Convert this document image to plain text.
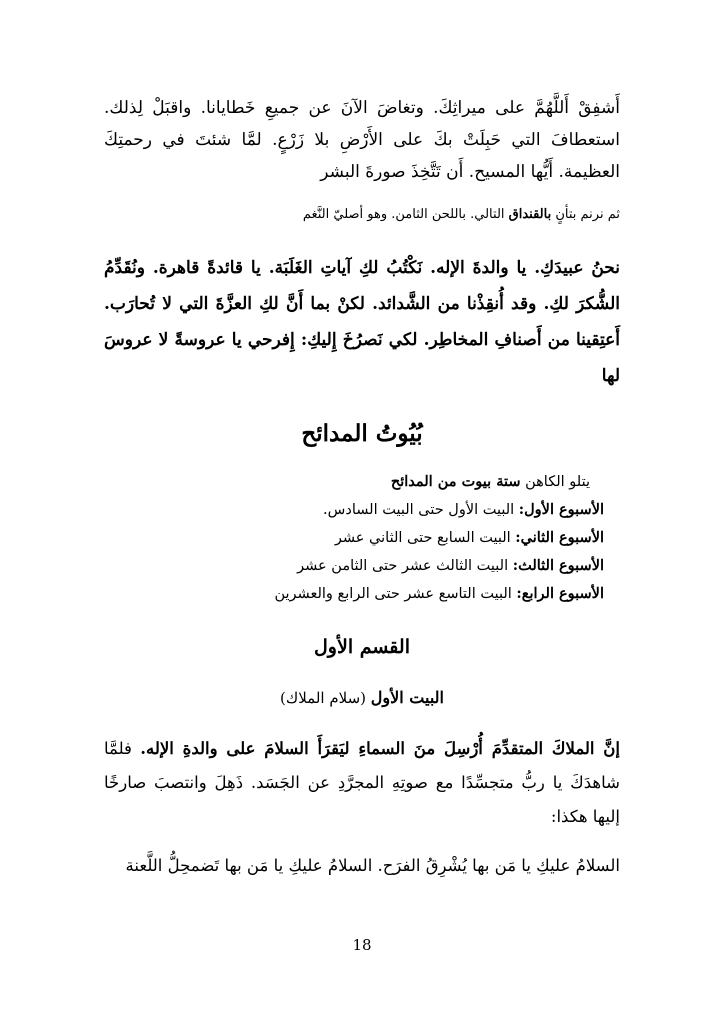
أَشفِقْ أَللَّهُمَّ على ميراثِكَ. وتغاضَ الآنَ عن جميعِ خَطايانا. واقبَلْ لِذلك. استعطافَ التي حَبِلَتْ بكَ على الأَرْضِ بلا زَرْعٍ. لمَّا شئتَ في رحمتِكَ العظيمة. أَيُّها المسيح. أَن تَتَّخِذَ صورةَ البشر

ثم نرنم بتأنٍ بالقنداق التالي. باللحن الثامن. وهو أصليّ النَّغم

نحنُ عبيدَكِ. يا والدةَ الإله. نَكْتُبُ لكِ آياتِ الغَلَبَة. يا قائدةً قاهرة. ونُقَدِّمُ الشُّكرَ لكِ. وقد أُنقِذْنا من الشَّدائد. لكنْ بما أَنَّ لكِ العزَّةَ التي لا تُحارَب. أَعتِقينا من أَصنافِ المخاطِر. لكي نَصرُخَ إِليكِ: إِفرحي يا عروسةً لا عروسَ لها

بُيُوتُ المدائح
يتلو الكاهن ستة بيوت من المدائح
الأسبوع الأول: البيت الأول حتى البيت السادس.
الأسبوع الثاني: البيت السابع حتى الثاني عشر
الأسبوع الثالث: البيت الثالث عشر حتى الثامن عشر
الأسبوع الرابع: البيت التاسع عشر حتى الرابع والعشرين
القسم الأول
البيت الأول (سلام الملاك)

إنَّ الملاكَ المتقدِّمَ أُرْسِلَ منَ السماءِ ليَقرَأَ السلامَ على والدةِ الإله. فلمَّا شاهدَكَ يا ربُّ متجسِّدًا مع صوتِهِ المجرَّدِ عن الجَسَد. ذَهِلَ وانتصبَ صارخًا إليها هكذا:

السلامُ عليكِ يا مَن بها يُشْرِقُ الفرَح. السلامُ عليكِ يا مَن بها تَضمحِلُّ اللَّعنة

18
